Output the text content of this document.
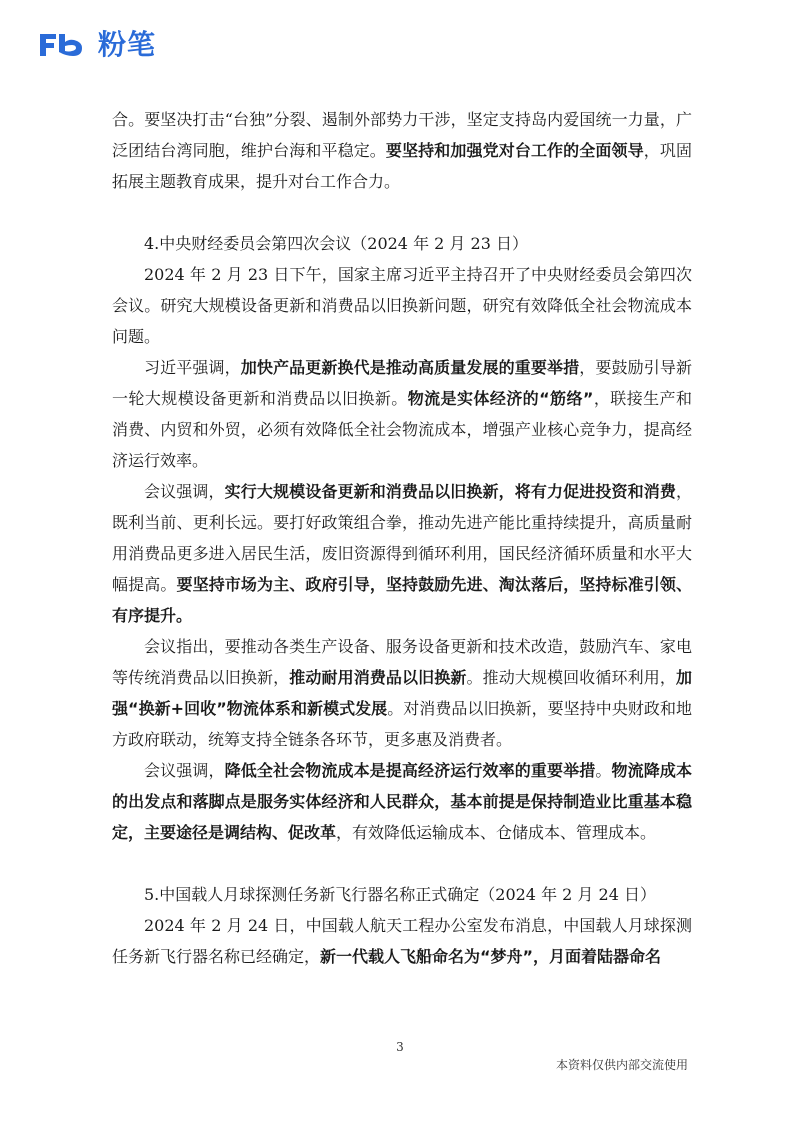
粉笔

合。要坚决打击“台独”分裂、遏制外部势力干涉，坚定支持岛内爱国统一力量，广泛团结台湾同胞，维护台海和平稳定。要坚持和加强党对台工作的全面领导，巩固拓展主题教育成果，提升对台工作合力。

4.中央财经委员会第四次会议（2024 年 2 月 23 日）

2024 年 2 月 23 日下午，国家主席习近平主持召开了中央财经委员会第四次会议。研究大规模设备更新和消费品以旧换新问题，研究有效降低全社会物流成本问题。

习近平强调，加快产品更新换代是推动高质量发展的重要举措，要鼓励引导新一轮大规模设备更新和消费品以旧换新。物流是实体经济的“筋络”，联接生产和消费、内贸和外贸，必须有效降低全社会物流成本，增强产业核心竞争力，提高经济运行效率。

会议强调，实行大规模设备更新和消费品以旧换新，将有力促进投资和消费，既利当前、更利长远。要打好政策组合拳，推动先进产能比重持续提升，高质量耐用消费品更多进入居民生活，废旧资源得到循环利用，国民经济循环质量和水平大幅提高。要坚持市场为主、政府引导，坚持鼓励先进、淘汰落后，坚持标准引领、有序提升。

会议指出，要推动各类生产设备、服务设备更新和技术改造，鼓励汽车、家电等传统消费品以旧换新，推动耐用消费品以旧换新。推动大规模回收循环利用，加强“换新+回收”物流体系和新模式发展。对消费品以旧换新，要坚持中央财政和地方政府联动，统筹支持全链条各环节，更多惠及消费者。

会议强调，降低全社会物流成本是提高经济运行效率的重要举措。物流降成本的出发点和落脚点是服务实体经济和人民群众，基本前提是保持制造业比重基本稳定，主要途径是调结构、促改革，有效降低运输成本、仓储成本、管理成本。

5.中国载人月球探测任务新飞行器名称正式确定（2024 年 2 月 24 日）

2024 年 2 月 24 日，中国载人航天工程办公室发布消息，中国载人月球探测任务新飞行器名称已经确定，新一代载人飞船命名为“梦舟”，月面着陆器命名

3
本资料仅供内部交流使用
